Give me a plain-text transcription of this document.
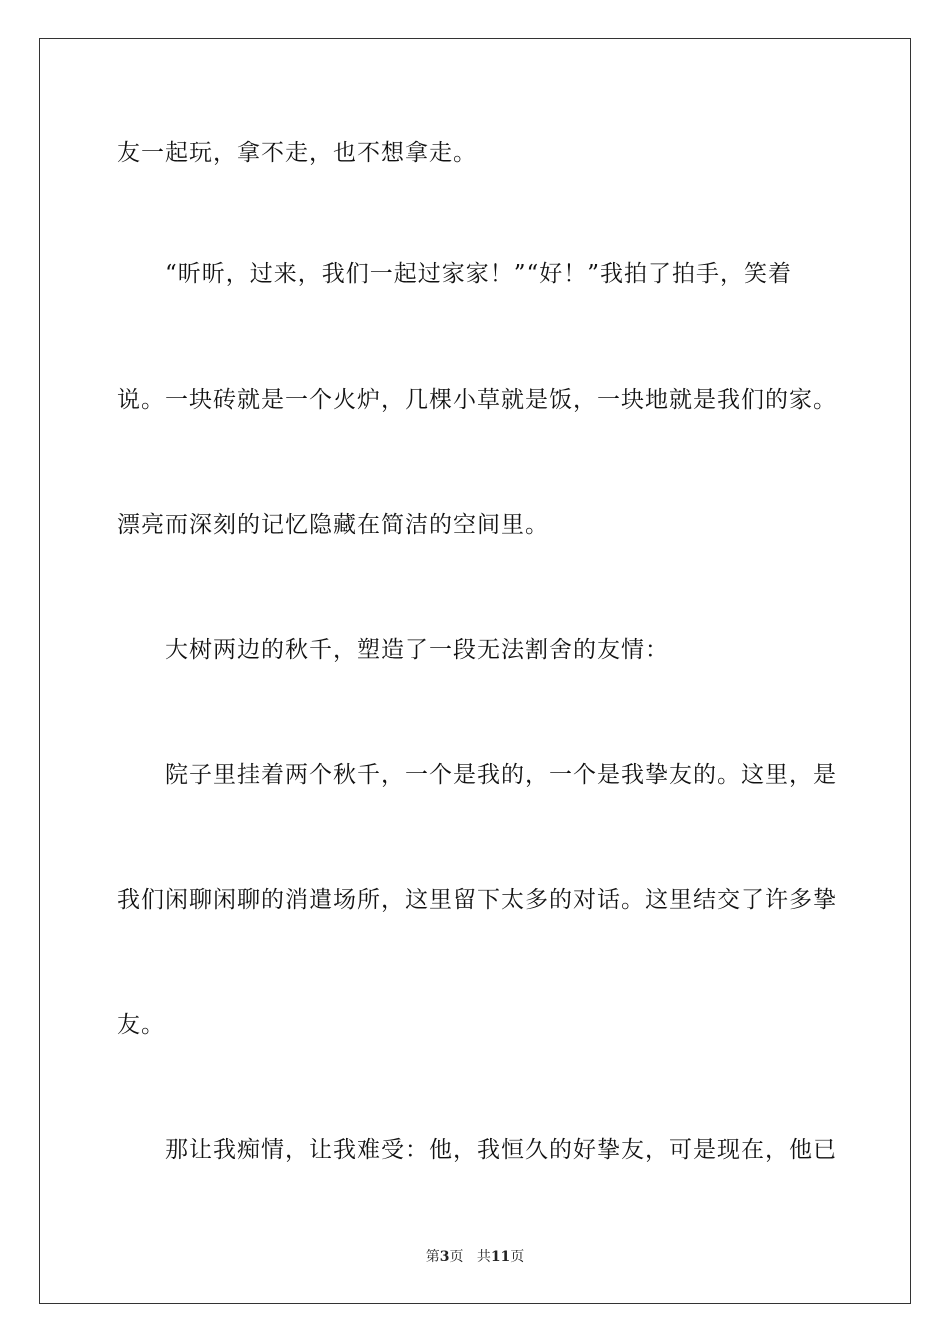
友一起玩，拿不走，也不想拿走。
“昕昕，过来，我们一起过家家！”“好！”我拍了拍手，笑着
说。一块砖就是一个火炉，几棵小草就是饭，一块地就是我们的家。
漂亮而深刻的记忆隐藏在简洁的空间里。
大树两边的秋千，塑造了一段无法割舍的友情：
院子里挂着两个秋千，一个是我的，一个是我挚友的。这里，是
我们闲聊闲聊的消遣场所，这里留下太多的对话。这里结交了许多挚
友。
那让我痴情，让我难受：他，我恒久的好挚友，可是现在，他已
第3页 共11页
